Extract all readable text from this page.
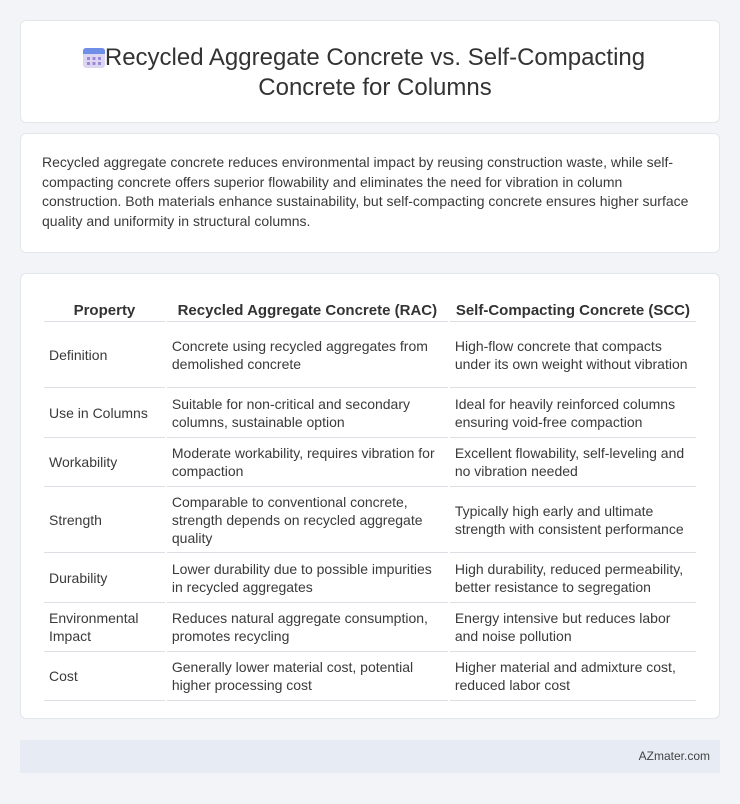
Recycled Aggregate Concrete vs. Self-Compacting Concrete for Columns

Recycled aggregate concrete reduces environmental impact by reusing construction waste, while self-compacting concrete offers superior flowability and eliminates the need for vibration in column construction. Both materials enhance sustainability, but self-compacting concrete ensures higher surface quality and uniformity in structural columns.

Property	Recycled Aggregate Concrete (RAC)	Self-Compacting Concrete (SCC)
Definition	Concrete using recycled aggregates from demolished concrete	High-flow concrete that compacts under its own weight without vibration
Use in Columns	Suitable for non-critical and secondary columns, sustainable option	Ideal for heavily reinforced columns ensuring void-free compaction
Workability	Moderate workability, requires vibration for compaction	Excellent flowability, self-leveling and no vibration needed
Strength	Comparable to conventional concrete, strength depends on recycled aggregate quality	Typically high early and ultimate strength with consistent performance
Durability	Lower durability due to possible impurities in recycled aggregates	High durability, reduced permeability, better resistance to segregation
Environmental Impact	Reduces natural aggregate consumption, promotes recycling	Energy intensive but reduces labor and noise pollution
Cost	Generally lower material cost, potential higher processing cost	Higher material and admixture cost, reduced labor cost
AZmater.com
